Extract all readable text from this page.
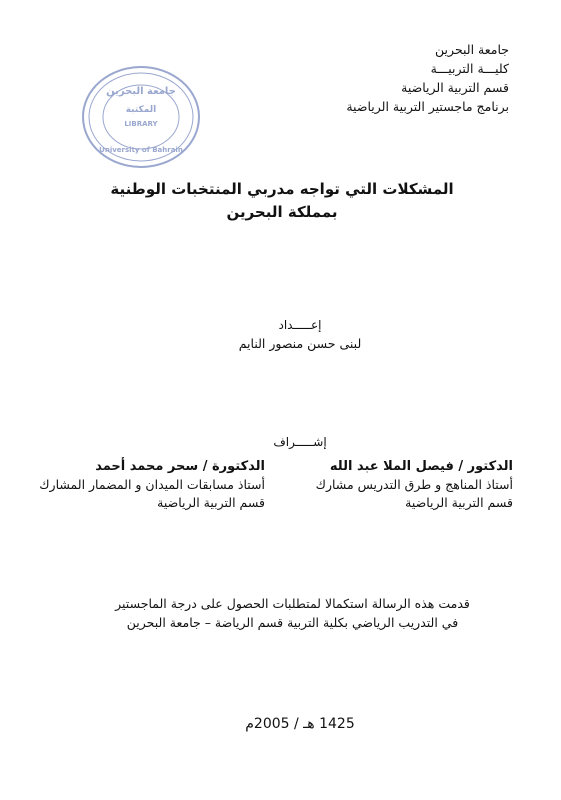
جامعة البحرين
كليـــة التربيـــة
قسم التربية الرياضية
برنامج ماجستير التربية الرياضية
جامعة البحرين
المكتبة
LIBRARY
University of Bahrain
المشكلات التي تواجه مدربي المنتخبات الوطنية
بمملكة البحرين
إعـــــداد
لبنى حسن منصور النايم
إشـــــراف
الدكتور / فيصل الملا عبد الله
أستاذ المناهج و طرق التدريس مشارك
قسم التربية الرياضية
الدكتورة / سحر محمد أحمد
أستاذ مسابقات الميدان و المضمار المشارك
قسم التربية الرياضية
قدمت هذه الرسالة استكمالا لمتطلبات الحصول على درجة الماجستير
في التدريب الرياضي بكلية التربية قسم الرياضة – جامعة البحرين
1425 هـ / 2005م
